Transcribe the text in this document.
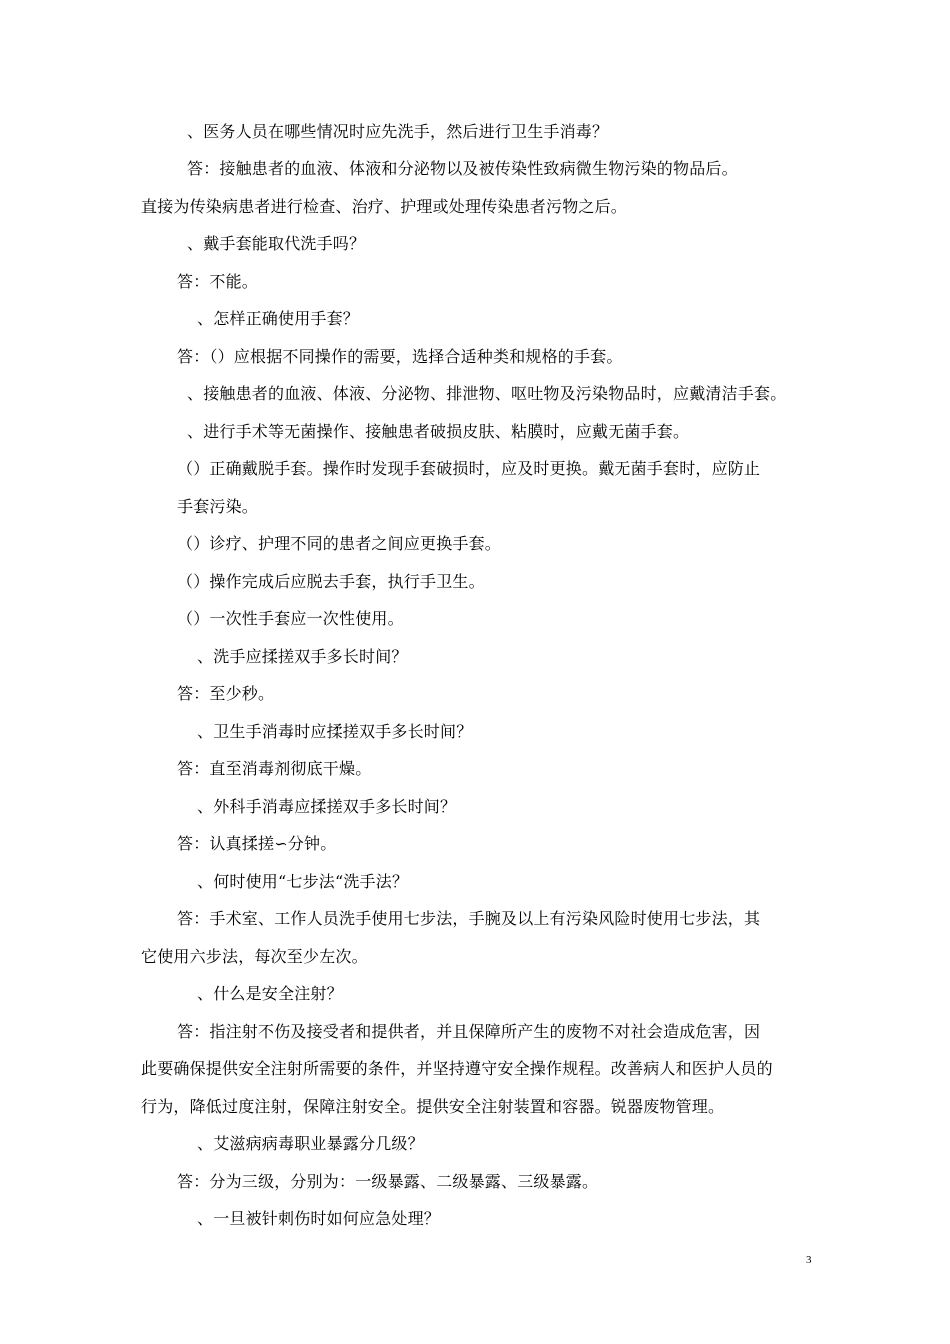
、医务人员在哪些情况时应先洗手，然后进行卫生手消毒？
答：接触患者的血液、体液和分泌物以及被传染性致病微生物污染的物品后。
直接为传染病患者进行检查、治疗、护理或处理传染患者污物之后。
、戴手套能取代洗手吗？
答：不能。
、怎样正确使用手套？
答：（）应根据不同操作的需要，选择合适种类和规格的手套。
、接触患者的血液、体液、分泌物、排泄物、呕吐物及污染物品时，应戴清洁手套。
、进行手术等无菌操作、接触患者破损皮肤、粘膜时，应戴无菌手套。
（）正确戴脱手套。操作时发现手套破损时，应及时更换。戴无菌手套时，应防止
手套污染。
（）诊疗、护理不同的患者之间应更换手套。
（）操作完成后应脱去手套，执行手卫生。
（）一次性手套应一次性使用。
、洗手应揉搓双手多长时间？
答：至少秒。
、卫生手消毒时应揉搓双手多长时间？
答：直至消毒剂彻底干燥。
、外科手消毒应揉搓双手多长时间？
答：认真揉搓∽分钟。
、何时使用“七步法“洗手法？
答：手术室、工作人员洗手使用七步法，手腕及以上有污染风险时使用七步法，其
它使用六步法，每次至少左次。
、什么是安全注射？
答：指注射不伤及接受者和提供者，并且保障所产生的废物不对社会造成危害，因
此要确保提供安全注射所需要的条件，并坚持遵守安全操作规程。改善病人和医护人员的
行为，降低过度注射，保障注射安全。提供安全注射装置和容器。锐器废物管理。
、艾滋病病毒职业暴露分几级？
答：分为三级，分别为：一级暴露、二级暴露、三级暴露。
、一旦被针刺伤时如何应急处理？
3
